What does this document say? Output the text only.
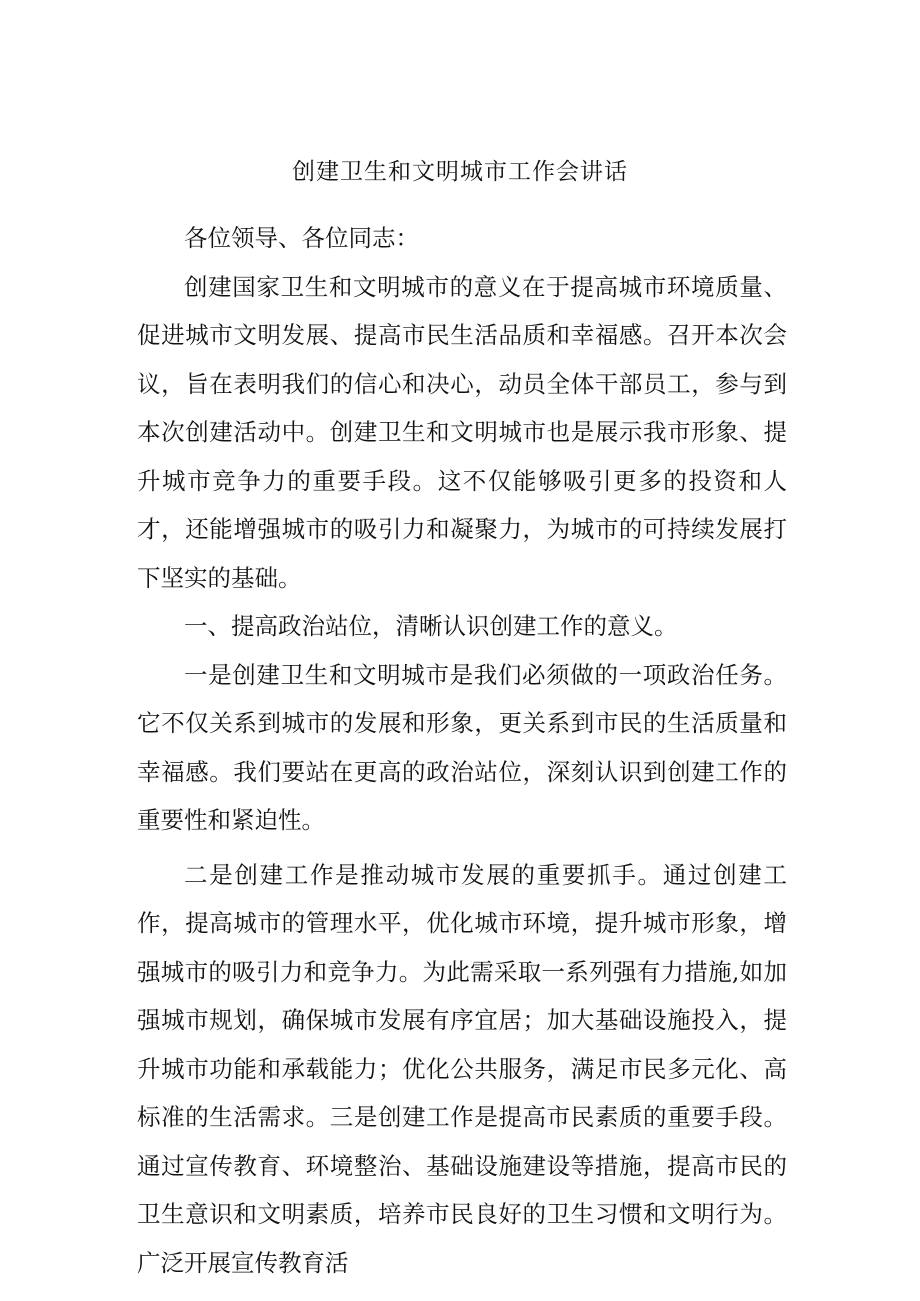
创建卫生和文明城市工作会讲话

各位领导、各位同志：

创建国家卫生和文明城市的意义在于提高城市环境质量、促进城市文明发展、提高市民生活品质和幸福感。召开本次会议，旨在表明我们的信心和决心，动员全体干部员工，参与到本次创建活动中。创建卫生和文明城市也是展示我市形象、提升城市竞争力的重要手段。这不仅能够吸引更多的投资和人才，还能增强城市的吸引力和凝聚力，为城市的可持续发展打下坚实的基础。

一、提高政治站位，清晰认识创建工作的意义。

一是创建卫生和文明城市是我们必须做的一项政治任务。它不仅关系到城市的发展和形象，更关系到市民的生活质量和幸福感。我们要站在更高的政治站位，深刻认识到创建工作的重要性和紧迫性。

二是创建工作是推动城市发展的重要抓手。通过创建工作，提高城市的管理水平，优化城市环境，提升城市形象，增强城市的吸引力和竞争力。为此需采取一系列强有力措施,如加强城市规划，确保城市发展有序宜居；加大基础设施投入，提升城市功能和承载能力；优化公共服务，满足市民多元化、高标准的生活需求。三是创建工作是提高市民素质的重要手段。通过宣传教育、环境整治、基础设施建设等措施，提高市民的卫生意识和文明素质，培养市民良好的卫生习惯和文明行为。广泛开展宣传教育活
